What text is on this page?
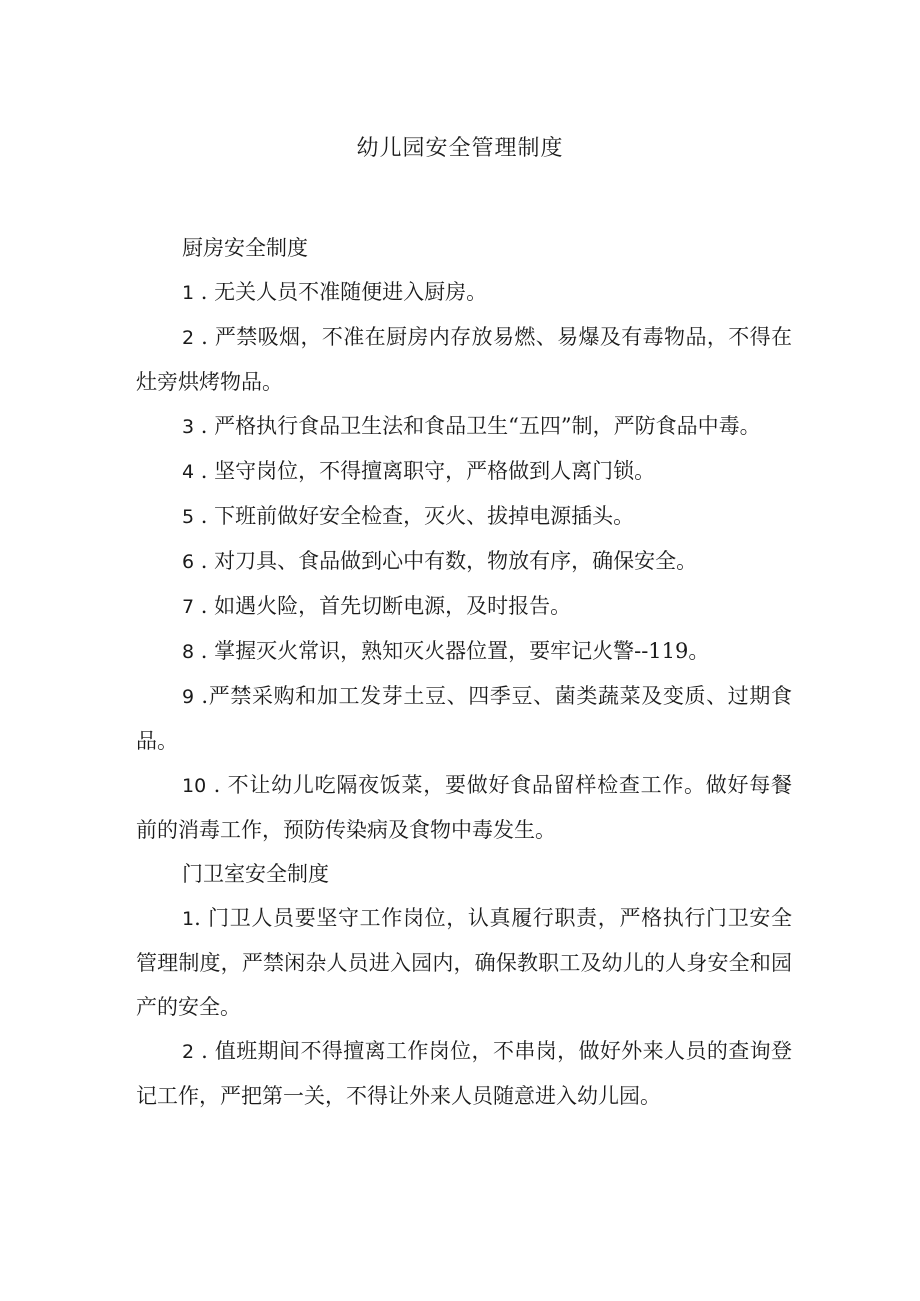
幼儿园安全管理制度

厨房安全制度

1 . 无关人员不准随便进入厨房。

2 . 严禁吸烟，不准在厨房内存放易燃、易爆及有毒物品，不得在灶旁烘烤物品。

3 . 严格执行食品卫生法和食品卫生“五四”制，严防食品中毒。

4 . 坚守岗位，不得擅离职守，严格做到人离门锁。

5 . 下班前做好安全检查，灭火、拔掉电源插头。

6 . 对刀具、食品做到心中有数，物放有序，确保安全。

7 . 如遇火险，首先切断电源，及时报告。

8 . 掌握灭火常识，熟知灭火器位置，要牢记火警--119。

9 .严禁采购和加工发芽土豆、四季豆、菌类蔬菜及变质、过期食品。

10 . 不让幼儿吃隔夜饭菜，要做好食品留样检查工作。做好每餐前的消毒工作，预防传染病及食物中毒发生。

门卫室安全制度

1. 门卫人员要坚守工作岗位，认真履行职责，严格执行门卫安全管理制度，严禁闲杂人员进入园内，确保教职工及幼儿的人身安全和园产的安全。

2 . 值班期间不得擅离工作岗位，不串岗，做好外来人员的查询登记工作，严把第一关，不得让外来人员随意进入幼儿园。
